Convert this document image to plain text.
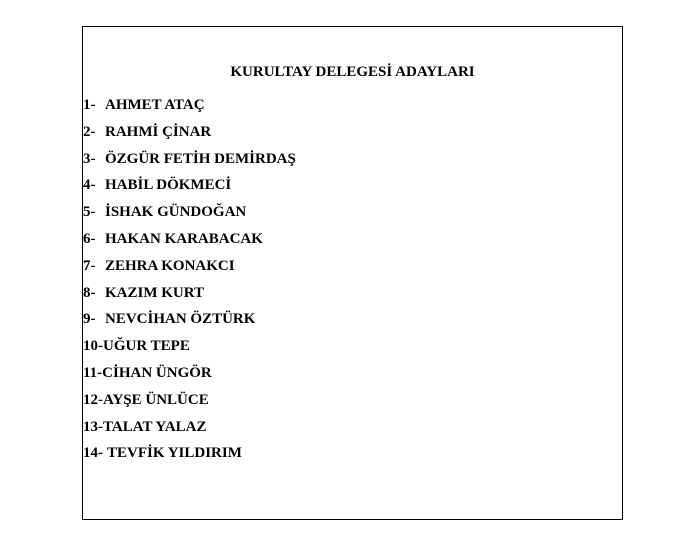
KURULTAY DELEGESİ ADAYLARI
1- AHMET ATAÇ
2- RAHMİ ÇİNAR
3- ÖZGÜR FETİH DEMİRDAŞ
4- HABİL DÖKMECİ
5- İSHAK GÜNDOĞAN
6- HAKAN KARABACAK
7- ZEHRA KONAKCI
8- KAZIM KURT
9- NEVCİHAN ÖZTÜRK
10-UĞUR TEPE
11-CİHAN ÜNGÖR
12-AYŞE ÜNLÜCE
13-TALAT YALAZ
14- TEVFİK YILDIRIM
